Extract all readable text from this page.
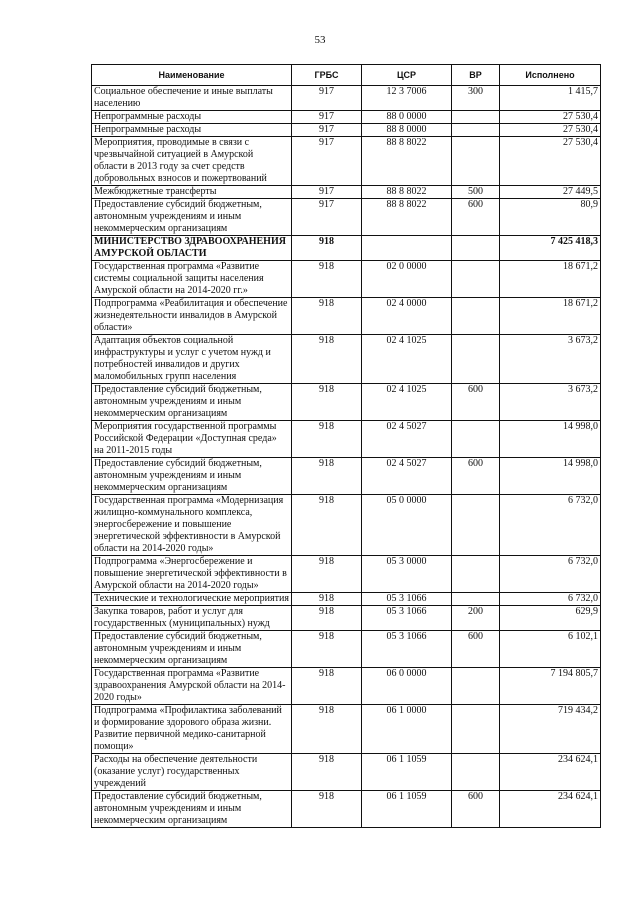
53
Наименование	ГРБС	ЦСР	ВР	Исполнено
Социальное обеспечение и иные выплаты населению	917	12 3 7006	300	1 415,7
Непрограммные расходы	917	88 0 0000		27 530,4
Непрограммные расходы	917	88 8 0000		27 530,4
Мероприятия, проводимые в связи с чрезвычайной ситуацией в Амурской области в 2013 году за счет средств добровольных взносов и пожертвований	917	88 8 8022		27 530,4
Межбюджетные трансферты	917	88 8 8022	500	27 449,5
Предоставление субсидий бюджетным, автономным учреждениям и иным некоммерческим организациям	917	88 8 8022	600	80,9
МИНИСТЕРСТВО ЗДРАВООХРАНЕНИЯ АМУРСКОЙ ОБЛАСТИ	918			7 425 418,3
Государственная программа «Развитие системы социальной защиты населения Амурской области на 2014-2020 гг.»	918	02 0 0000		18 671,2
Подпрограмма «Реабилитация и обеспечение жизнедеятельности инвалидов в Амурской области»	918	02 4 0000		18 671,2
Адаптация объектов социальной инфраструктуры и услуг с учетом нужд и потребностей инвалидов и других маломобильных групп населения	918	02 4 1025		3 673,2
Предоставление субсидий бюджетным, автономным учреждениям и иным некоммерческим организациям	918	02 4 1025	600	3 673,2
Мероприятия государственной программы Российской Федерации «Доступная среда» на 2011-2015 годы	918	02 4 5027		14 998,0
Предоставление субсидий бюджетным, автономным учреждениям и иным некоммерческим организациям	918	02 4 5027	600	14 998,0
Государственная программа «Модернизация жилищно-коммунального комплекса, энергосбережение и повышение энергетической эффективности в Амурской области на 2014-2020 годы»	918	05 0 0000		6 732,0
Подпрограмма «Энергосбережение и повышение энергетической эффективности в Амурской области на 2014-2020 годы»	918	05 3 0000		6 732,0
Технические и технологические мероприятия	918	05 3 1066		6 732,0
Закупка товаров, работ и услуг для государственных (муниципальных) нужд	918	05 3 1066	200	629,9
Предоставление субсидий бюджетным, автономным учреждениям и иным некоммерческим организациям	918	05 3 1066	600	6 102,1
Государственная программа «Развитие здравоохранения Амурской области на 2014-2020 годы»	918	06 0 0000		7 194 805,7
Подпрограмма «Профилактика заболеваний и формирование здорового образа жизни. Развитие первичной медико-санитарной помощи»	918	06 1 0000		719 434,2
Расходы на обеспечение деятельности (оказание услуг) государственных учреждений	918	06 1 1059		234 624,1
Предоставление субсидий бюджетным, автономным учреждениям и иным некоммерческим организациям	918	06 1 1059	600	234 624,1
